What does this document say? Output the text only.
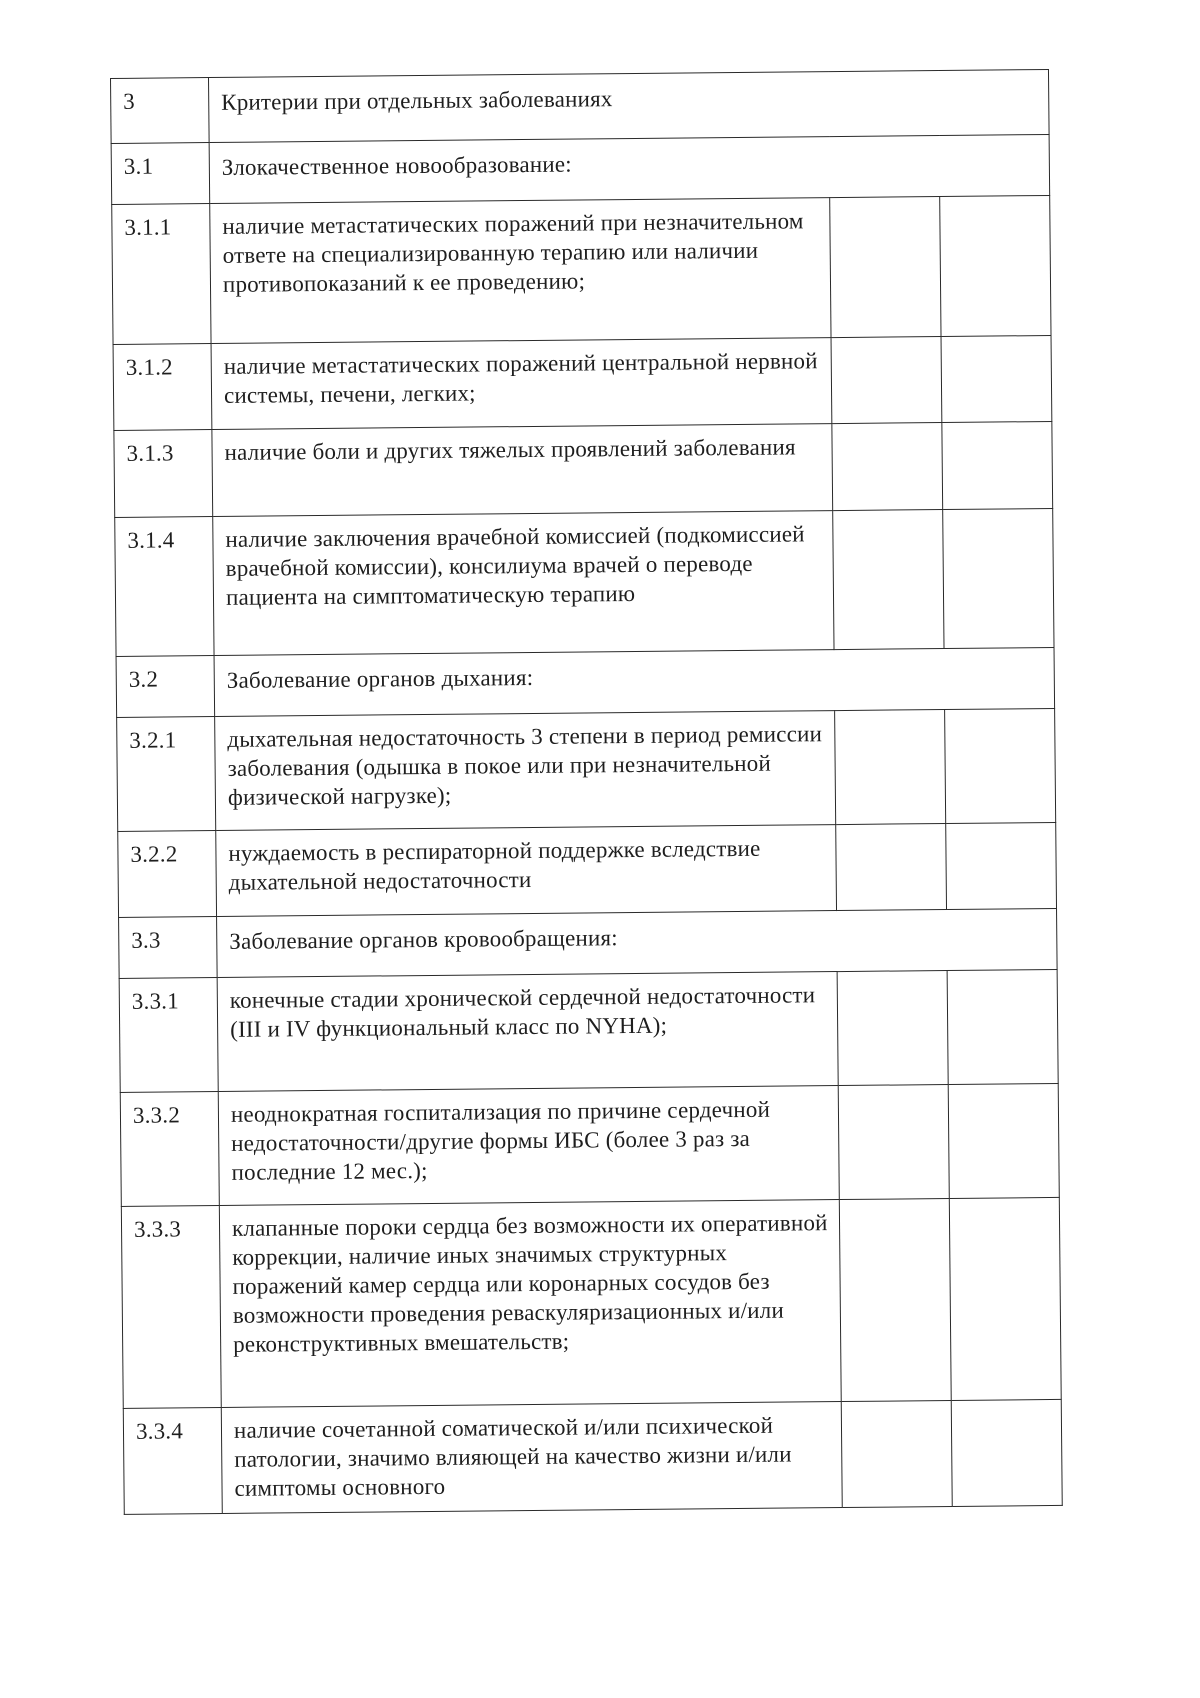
3	Критерии при отдельных заболеваниях		
3.1	Злокачественное новообразование:		
3.1.1	наличие метастатических поражений при незначительном ответе на специализированную терапию или наличии противопоказаний к ее проведению;		
3.1.2	наличие метастатических поражений центральной нервной системы, печени, легких;		
3.1.3	наличие боли и других тяжелых проявлений заболевания		
3.1.4	наличие заключения врачебной комиссией (подкомиссией врачебной комиссии), консилиума врачей о переводе пациента на симптоматическую терапию		
3.2	Заболевание органов дыхания:		
3.2.1	дыхательная недостаточность 3 степени в период ремиссии заболевания (одышка в покое или при незначительной физической нагрузке);		
3.2.2	нуждаемость в респираторной поддержке вследствие дыхательной недостаточности		
3.3	Заболевание органов кровообращения:		
3.3.1	конечные стадии хронической сердечной недостаточности (III и IV функциональный класс по NYHA);		
3.3.2	неоднократная госпитализация по причине сердечной недостаточности/другие формы ИБС (более 3 раз за последние 12 мес.);		
3.3.3	клапанные пороки сердца без возможности их оперативной коррекции, наличие иных значимых структурных поражений камер сердца или коронарных сосудов без возможности проведения реваскуляризационных и/или реконструктивных вмешательств;		
3.3.4	наличие сочетанной соматической и/или психической патологии, значимо влияющей на качество жизни и/или симптомы основного		
